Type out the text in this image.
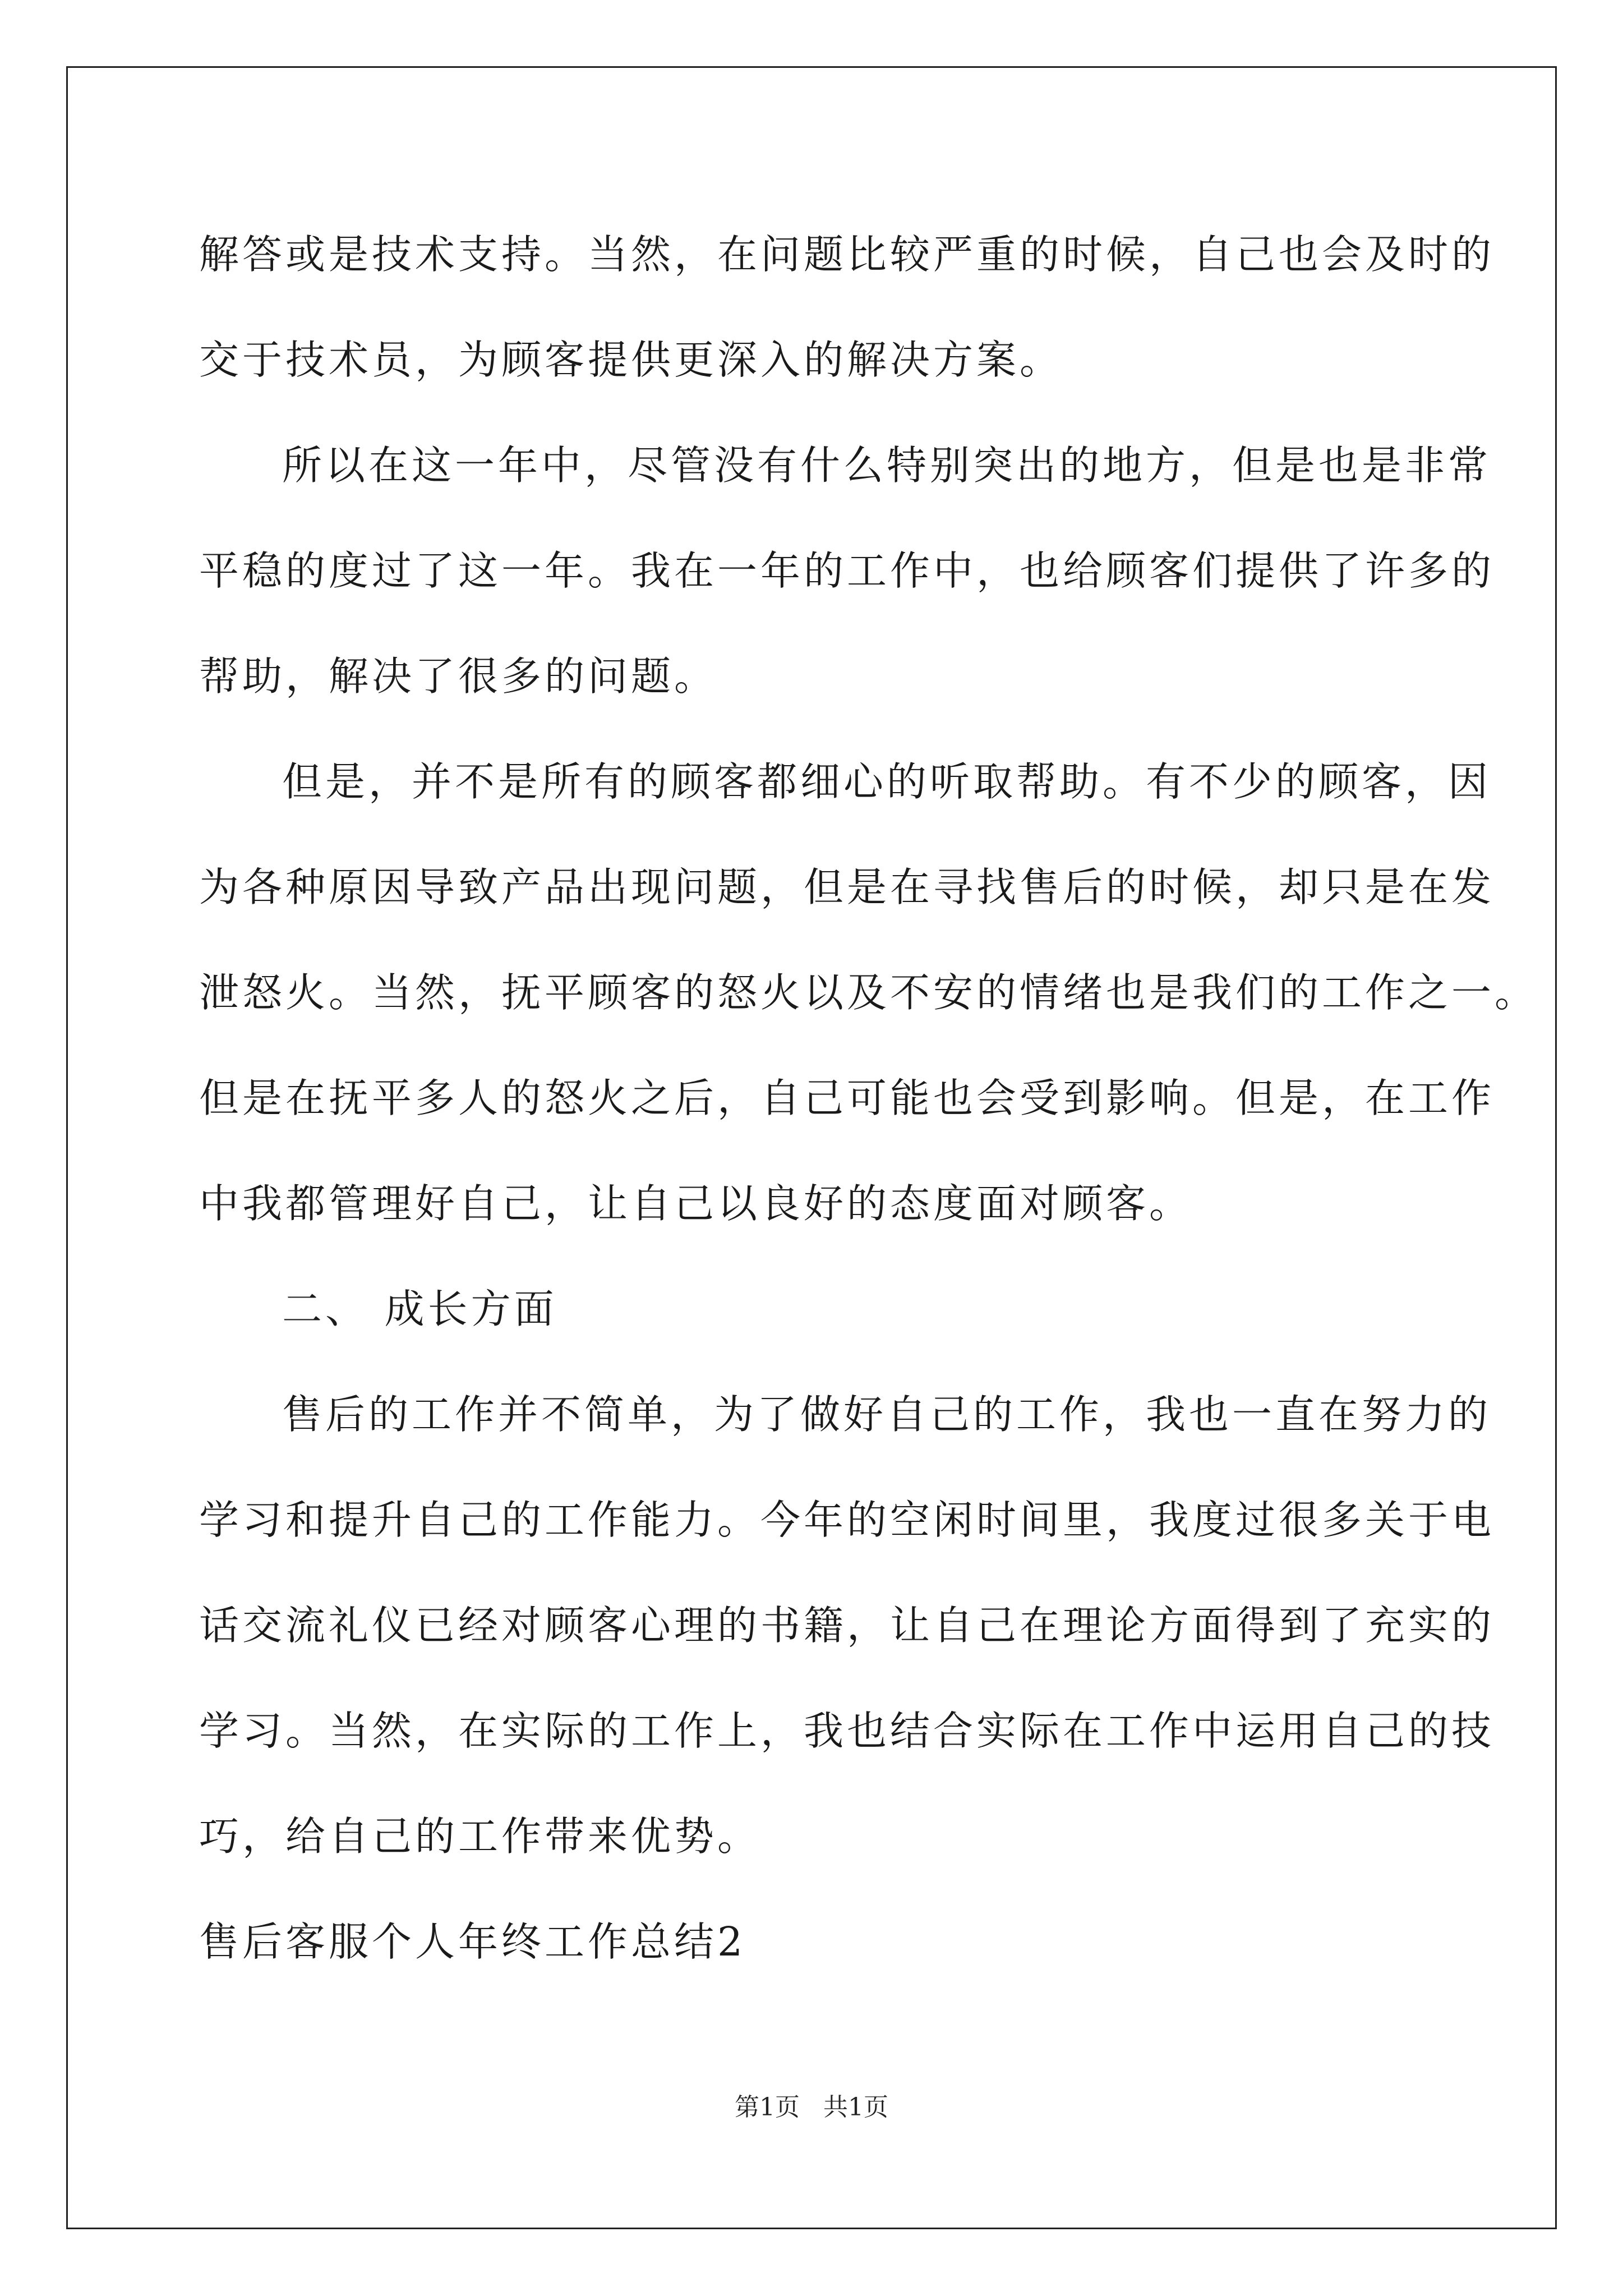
解答或是技术支持。当然，在问题比较严重的时候，自己也会及时的
交于技术员，为顾客提供更深入的解决方案。
所以在这一年中，尽管没有什么特别突出的地方，但是也是非常
平稳的度过了这一年。我在一年的工作中，也给顾客们提供了许多的
帮助，解决了很多的问题。
但是，并不是所有的顾客都细心的听取帮助。有不少的顾客，因
为各种原因导致产品出现问题，但是在寻找售后的时候，却只是在发
泄怒火。当然，抚平顾客的怒火以及不安的情绪也是我们的工作之一。
但是在抚平多人的怒火之后，自己可能也会受到影响。但是，在工作
中我都管理好自己，让自己以良好的态度面对顾客。
二、 成长方面
售后的工作并不简单，为了做好自己的工作，我也一直在努力的
学习和提升自己的工作能力。今年的空闲时间里，我度过很多关于电
话交流礼仪已经对顾客心理的书籍，让自己在理论方面得到了充实的
学习。当然，在实际的工作上，我也结合实际在工作中运用自己的技
巧，给自己的工作带来优势。
售后客服个人年终工作总结2
第1页   共1页
